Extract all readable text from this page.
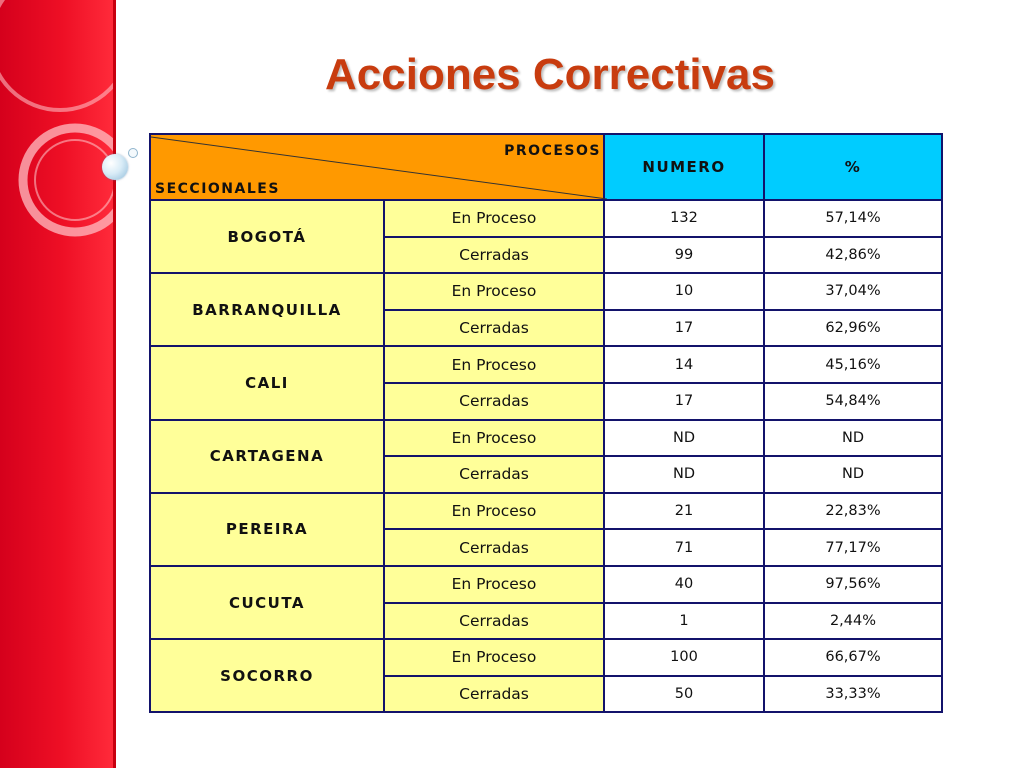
Acciones Correctivas
PROCESOS
SECCIONALES		NUMERO	%
BOGOTÁ	En Proceso	132	57,14%
	Cerradas	99	42,86%
BARRANQUILLA	En Proceso	10	37,04%
	Cerradas	17	62,96%
CALI	En Proceso	14	45,16%
	Cerradas	17	54,84%
CARTAGENA	En Proceso	ND	ND
	Cerradas	ND	ND
PEREIRA	En Proceso	21	22,83%
	Cerradas	71	77,17%
CUCUTA	En Proceso	40	97,56%
	Cerradas	1	2,44%
SOCORRO	En Proceso	100	66,67%
	Cerradas	50	33,33%
